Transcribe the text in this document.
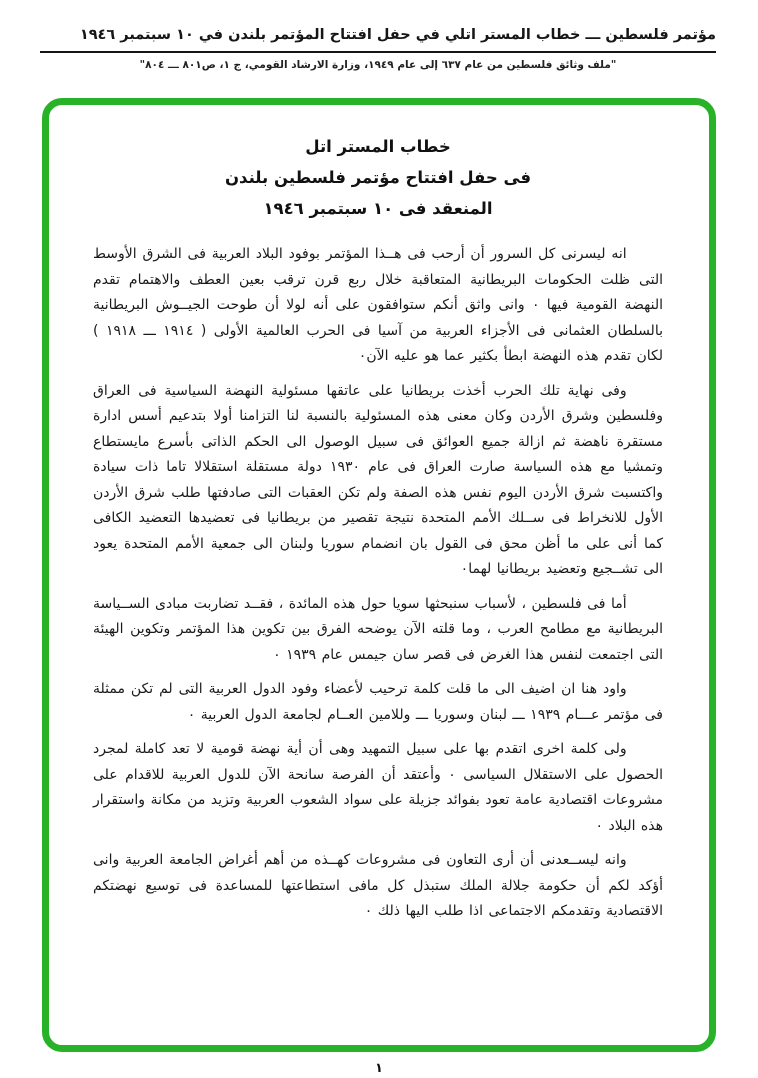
مؤتمر فلسطين ـــ خطاب المستر اتلي في حفل افتتاح المؤتمر بلندن في ١٠ سبتمبر ١٩٤٦
"ملف وثائق فلسطين من عام ٦٣٧ إلى عام ١٩٤٩، وزارة الارشاد القومي، ج ١، ص٨٠١ ـــ ٨٠٤"
خطاب المستر اتل
فى حفل افتتاح مؤتمر فلسطين بلندن
المنعقد فى ١٠ سبتمبر ١٩٤٦

انه ليسرنى كل السرور أن أرحب فى هــذا المؤتمر بوفود البلاد العربية فى الشرق الأوسط التى ظلت الحكومات البريطانية المتعاقبة خلال ربع قرن ترقب بعين العطف والاهتمام تقدم النهضة القومية فيها ٠ وانى واثق أنكم ستوافقون على أنه لولا أن طوحت الجيــوش البريطانية بالسلطان العثمانى فى الأجزاء العربية من آسيا فى الحرب العالمية الأولى ( ١٩١٤ ـــ ١٩١٨ ) لكان تقدم هذه النهضة ابطأ بكثير عما هو عليه الآن٠

وفى نهاية تلك الحرب أخذت بريطانيا على عاتقها مسئولية النهضة السياسية فى العراق وفلسطين وشرق الأردن وكان معنى هذه المسئولية بالنسبة لنا التزامنا أولا بتدعيم أسس ادارة مستقرة ناهضة ثم ازالة جميع العوائق فى سبيل الوصول الى الحكم الذاتى بأسرع مايستطاع وتمشيا مع هذه السياسة صارت العراق فى عام ١٩٣٠ دولة مستقلة استقلالا تاما ذات سيادة واكتسبت شرق الأردن اليوم نفس هذه الصفة ولم تكن العقبات التى صادفتها طلب شرق الأردن الأول للانخراط فى ســلك الأمم المتحدة نتيجة تقصير من بريطانيا فى تعضيدها التعضيد الكافى كما أنى على ما أظن محق فى القول بان انضمام سوريا ولبنان الى جمعية الأمم المتحدة يعود الى تشــجيع وتعضيد بريطانيا لهما٠

أما فى فلسطين ، لأسباب سنبحثها سويا حول هذه المائدة ، فقــد تضاربت مبادى الســياسة البريطانية مع مطامح العرب ، وما قلته الآن يوضحه الفرق بين تكوين هذا المؤتمر وتكوين الهيئة التى اجتمعت لنفس هذا الغرض فى قصر سان جيمس عام ١٩٣٩ ٠

واود هنا ان اضيف الى ما قلت كلمة ترحيب لأعضاء وفود الدول العربية التى لم تكن ممثلة فى مؤتمر عـــام ١٩٣٩ ـــ لبنان وسوريا ـــ وللامين العــام لجامعة الدول العربية ٠

ولى كلمة اخرى اتقدم بها على سبيل التمهيد وهى أن أية نهضة قومية لا تعد كاملة لمجرد الحصول على الاستقلال السياسى ٠ وأعتقد أن الفرصة سانحة الآن للدول العربية للاقدام على مشروعات اقتصادية عامة تعود بفوائد جزيلة على سواد الشعوب العربية وتزيد من مكانة واستقرار هذه البلاد ٠

وانه ليســعدنى أن أرى التعاون فى مشروعات كهــذه من أهم أغراض الجامعة العربية وانى أؤكد لكم أن حكومة جلالة الملك ستبذل كل مافى استطاعتها للمساعدة فى توسيع نهضتكم الاقتصادية وتقدمكم الاجتماعى اذا طلب اليها ذلك ٠

١
